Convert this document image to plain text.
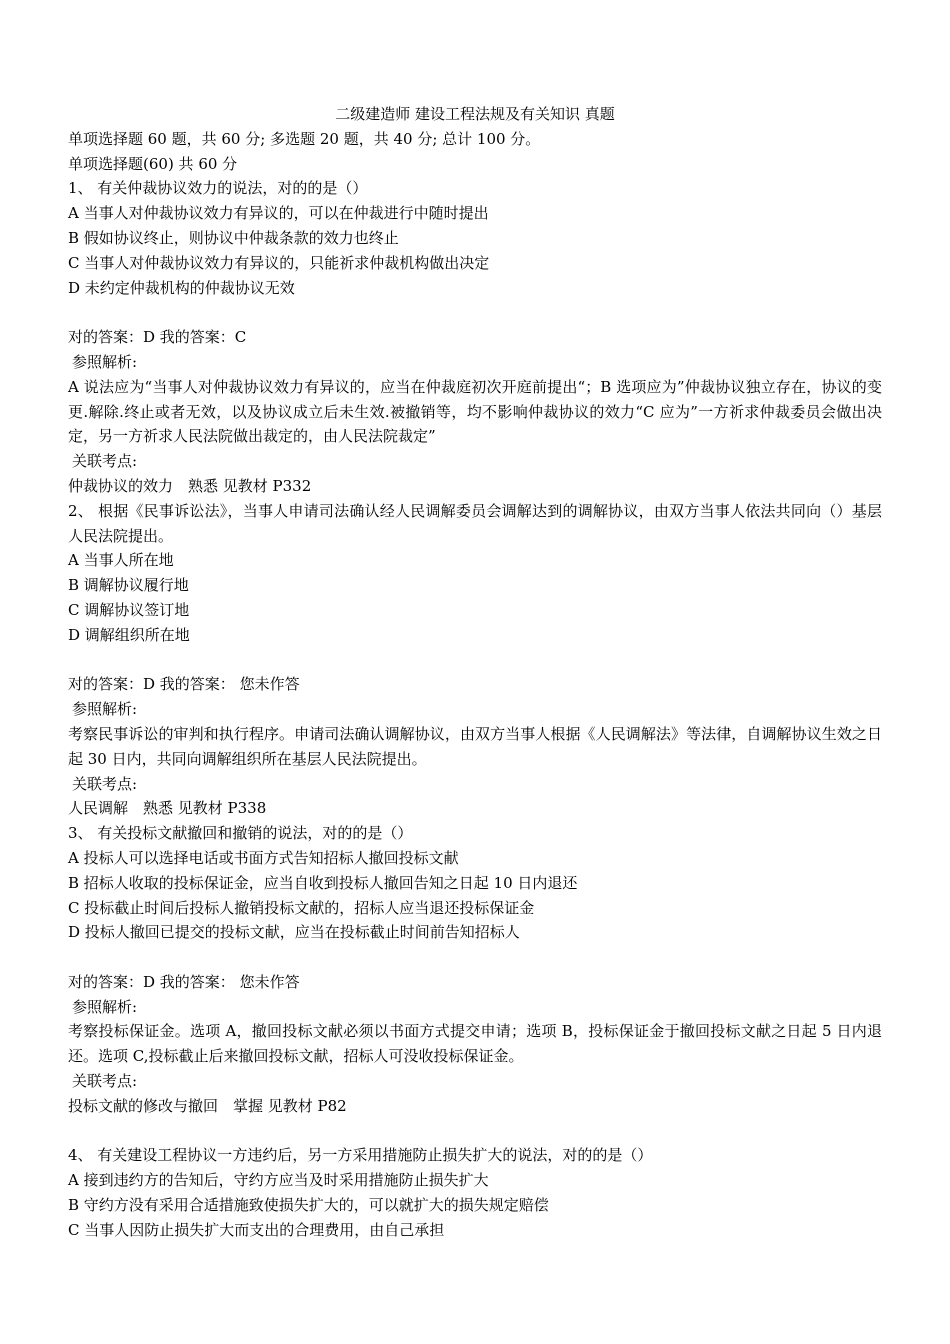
二级建造师 建设工程法规及有关知识 真题

单项选择题 60 题，共 60 分; 多选题 20 题，共 40 分; 总计 100 分。

单项选择题(60) 共 60 分

1、 有关仲裁协议效力的说法，对的的是（）

A 当事人对仲裁协议效力有异议的，可以在仲裁进行中随时提出

B 假如协议终止，则协议中仲裁条款的效力也终止

C 当事人对仲裁协议效力有异议的，只能祈求仲裁机构做出决定

D 未约定仲裁机构的仲裁协议无效

对的答案：D 我的答案：C

参照解析:

A 说法应为“当事人对仲裁协议效力有异议的，应当在仲裁庭初次开庭前提出“；B 选项应为”仲裁协议独立存在，协议的变更.解除.终止或者无效，以及协议成立后未生效.被撤销等，均不影响仲裁协议的效力“C 应为”一方祈求仲裁委员会做出决定，另一方祈求人民法院做出裁定的，由人民法院裁定”

关联考点:

仲裁协议的效力　熟悉 见教材 P332

2、 根据《民事诉讼法》，当事人申请司法确认经人民调解委员会调解达到的调解协议，由双方当事人依法共同向（）基层人民法院提出。

A 当事人所在地

B 调解协议履行地

C 调解协议签订地

D 调解组织所在地

对的答案：D 我的答案： 您未作答

参照解析:

考察民事诉讼的审判和执行程序。申请司法确认调解协议，由双方当事人根据《人民调解法》等法律，自调解协议生效之日起 30 日内，共同向调解组织所在基层人民法院提出。

关联考点:

人民调解　熟悉 见教材 P338

3、 有关投标文献撤回和撤销的说法，对的的是（）

A 投标人可以选择电话或书面方式告知招标人撤回投标文献

B 招标人收取的投标保证金，应当自收到投标人撤回告知之日起 10 日内退还

C 投标截止时间后投标人撤销投标文献的，招标人应当退还投标保证金

D 投标人撤回已提交的投标文献，应当在投标截止时间前告知招标人

对的答案：D 我的答案： 您未作答

参照解析:

考察投标保证金。选项 A，撤回投标文献必须以书面方式提交申请；选项 B，投标保证金于撤回投标文献之日起 5 日内退还。选项 C,投标截止后来撤回投标文献，招标人可没收投标保证金。

关联考点:

投标文献的修改与撤回　掌握 见教材 P82

4、 有关建设工程协议一方违约后，另一方采用措施防止损失扩大的说法，对的的是（）

A 接到违约方的告知后，守约方应当及时采用措施防止损失扩大

B 守约方没有采用合适措施致使损失扩大的，可以就扩大的损失规定赔偿

C 当事人因防止损失扩大而支出的合理费用，由自己承担
